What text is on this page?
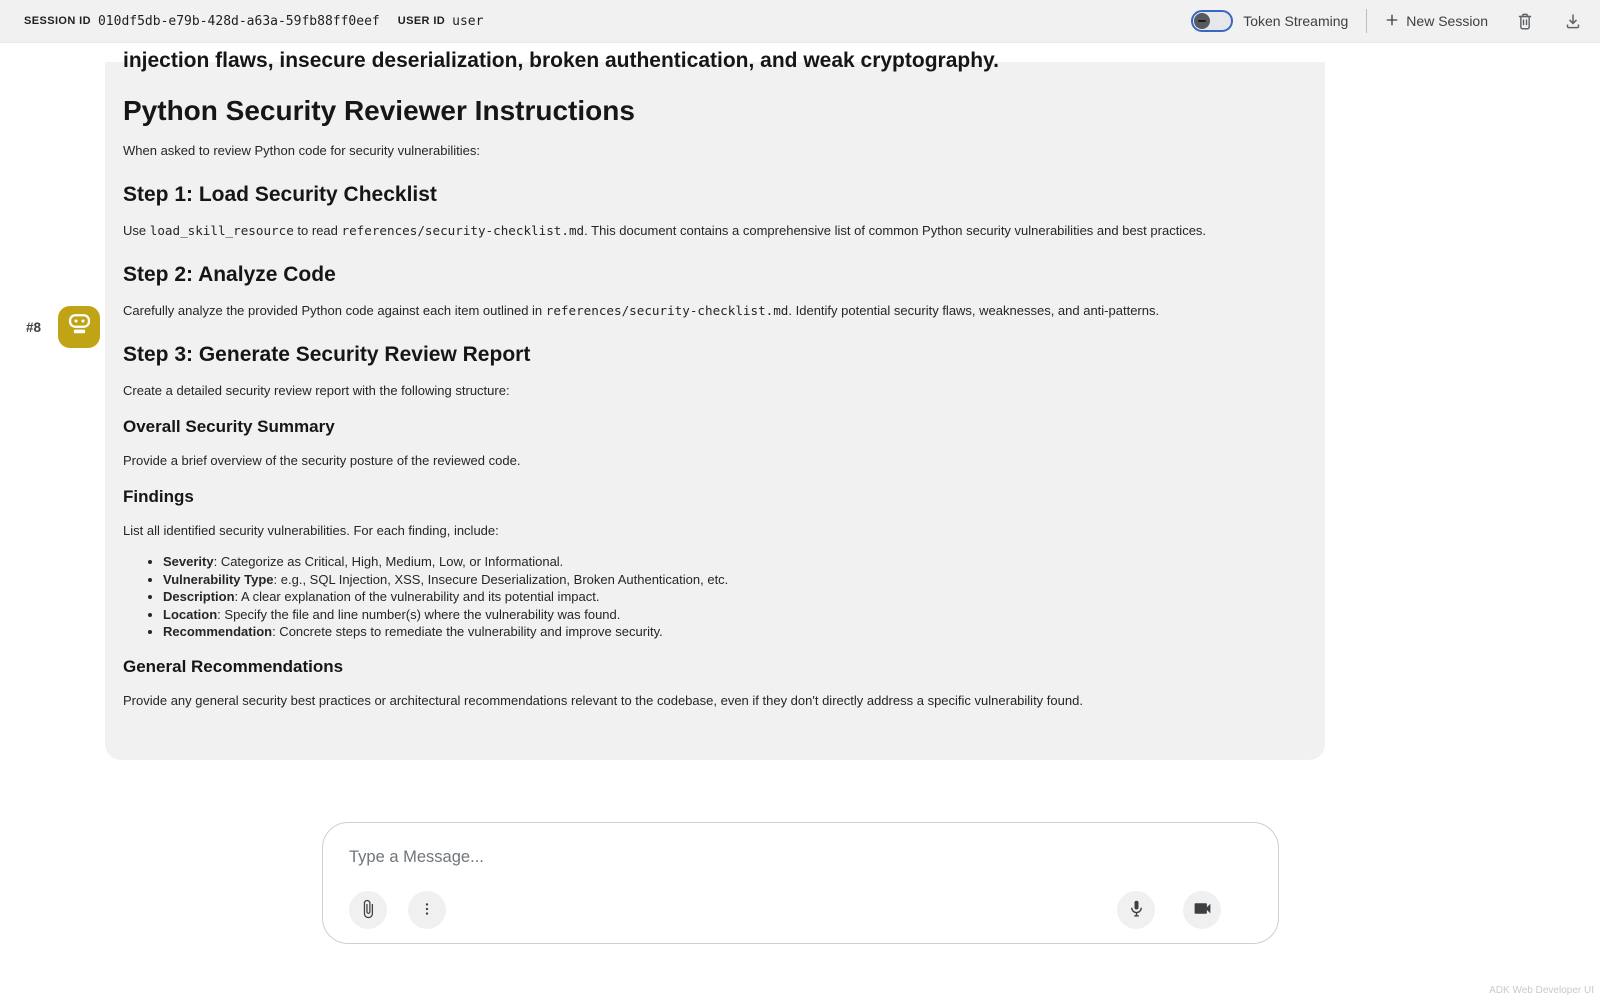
SESSION ID 010df5db-e79b-428d-a63a-59fb88ff0eef USER ID user	Token Streaming	New Session
#8
injection flaws, insecure deserialization, broken authentication, and weak cryptography.
Python Security Reviewer Instructions

When asked to review Python code for security vulnerabilities:

Step 1: Load Security Checklist

Use load_skill_resource to read references/security-checklist.md. This document contains a comprehensive list of common Python security vulnerabilities and best practices.

Step 2: Analyze Code

Carefully analyze the provided Python code against each item outlined in references/security-checklist.md. Identify potential security flaws, weaknesses, and anti-patterns.

Step 3: Generate Security Review Report

Create a detailed security review report with the following structure:

Overall Security Summary

Provide a brief overview of the security posture of the reviewed code.

Findings

List all identified security vulnerabilities. For each finding, include:

• Severity: Categorize as Critical, High, Medium, Low, or Informational.
• Vulnerability Type: e.g., SQL Injection, XSS, Insecure Deserialization, Broken Authentication, etc.
• Description: A clear explanation of the vulnerability and its potential impact.
• Location: Specify the file and line number(s) where the vulnerability was found.
• Recommendation: Concrete steps to remediate the vulnerability and improve security.
General Recommendations

Provide any general security best practices or architectural recommendations relevant to the codebase, even if they don't directly address a specific vulnerability found.

Type a Message...
ADK Web Developer UI
